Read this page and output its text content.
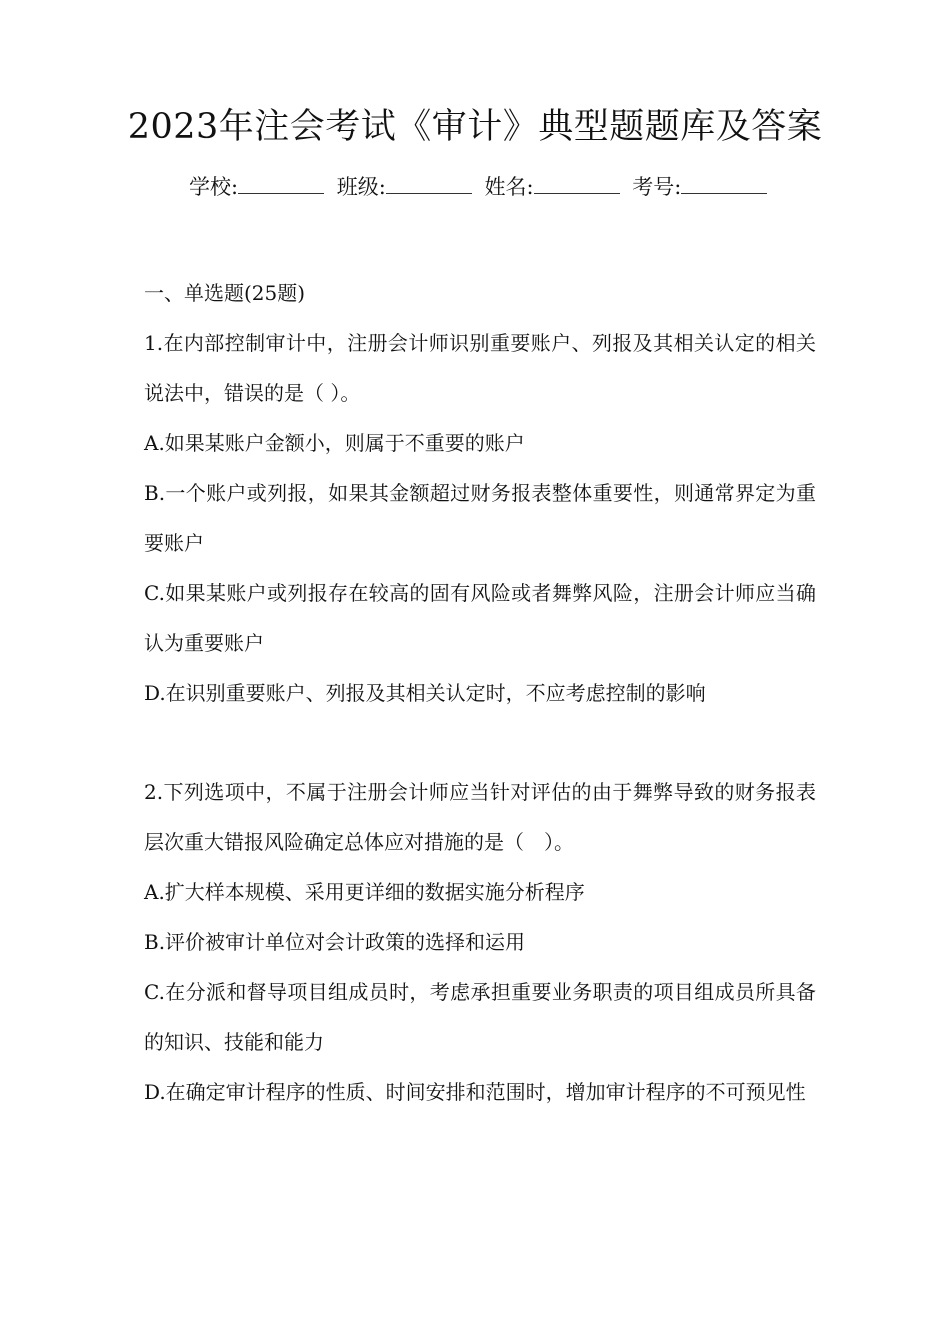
2023年注会考试《审计》典型题题库及答案
学校:	班级:	姓名:	考号:

一、单选题(25题)

1.在内部控制审计中，注册会计师识别重要账户、列报及其相关认定的相关说法中，错误的是（ ）。

A.如果某账户金额小，则属于不重要的账户

B.一个账户或列报，如果其金额超过财务报表整体重要性，则通常界定为重要账户

C.如果某账户或列报存在较高的固有风险或者舞弊风险，注册会计师应当确认为重要账户

D.在识别重要账户、列报及其相关认定时，不应考虑控制的影响

2.下列选项中，不属于注册会计师应当针对评估的由于舞弊导致的财务报表层次重大错报风险确定总体应对措施的是（　）。

A.扩大样本规模、采用更详细的数据实施分析程序

B.评价被审计单位对会计政策的选择和运用

C.在分派和督导项目组成员时，考虑承担重要业务职责的项目组成员所具备的知识、技能和能力

D.在确定审计程序的性质、时间安排和范围时，增加审计程序的不可预见性
